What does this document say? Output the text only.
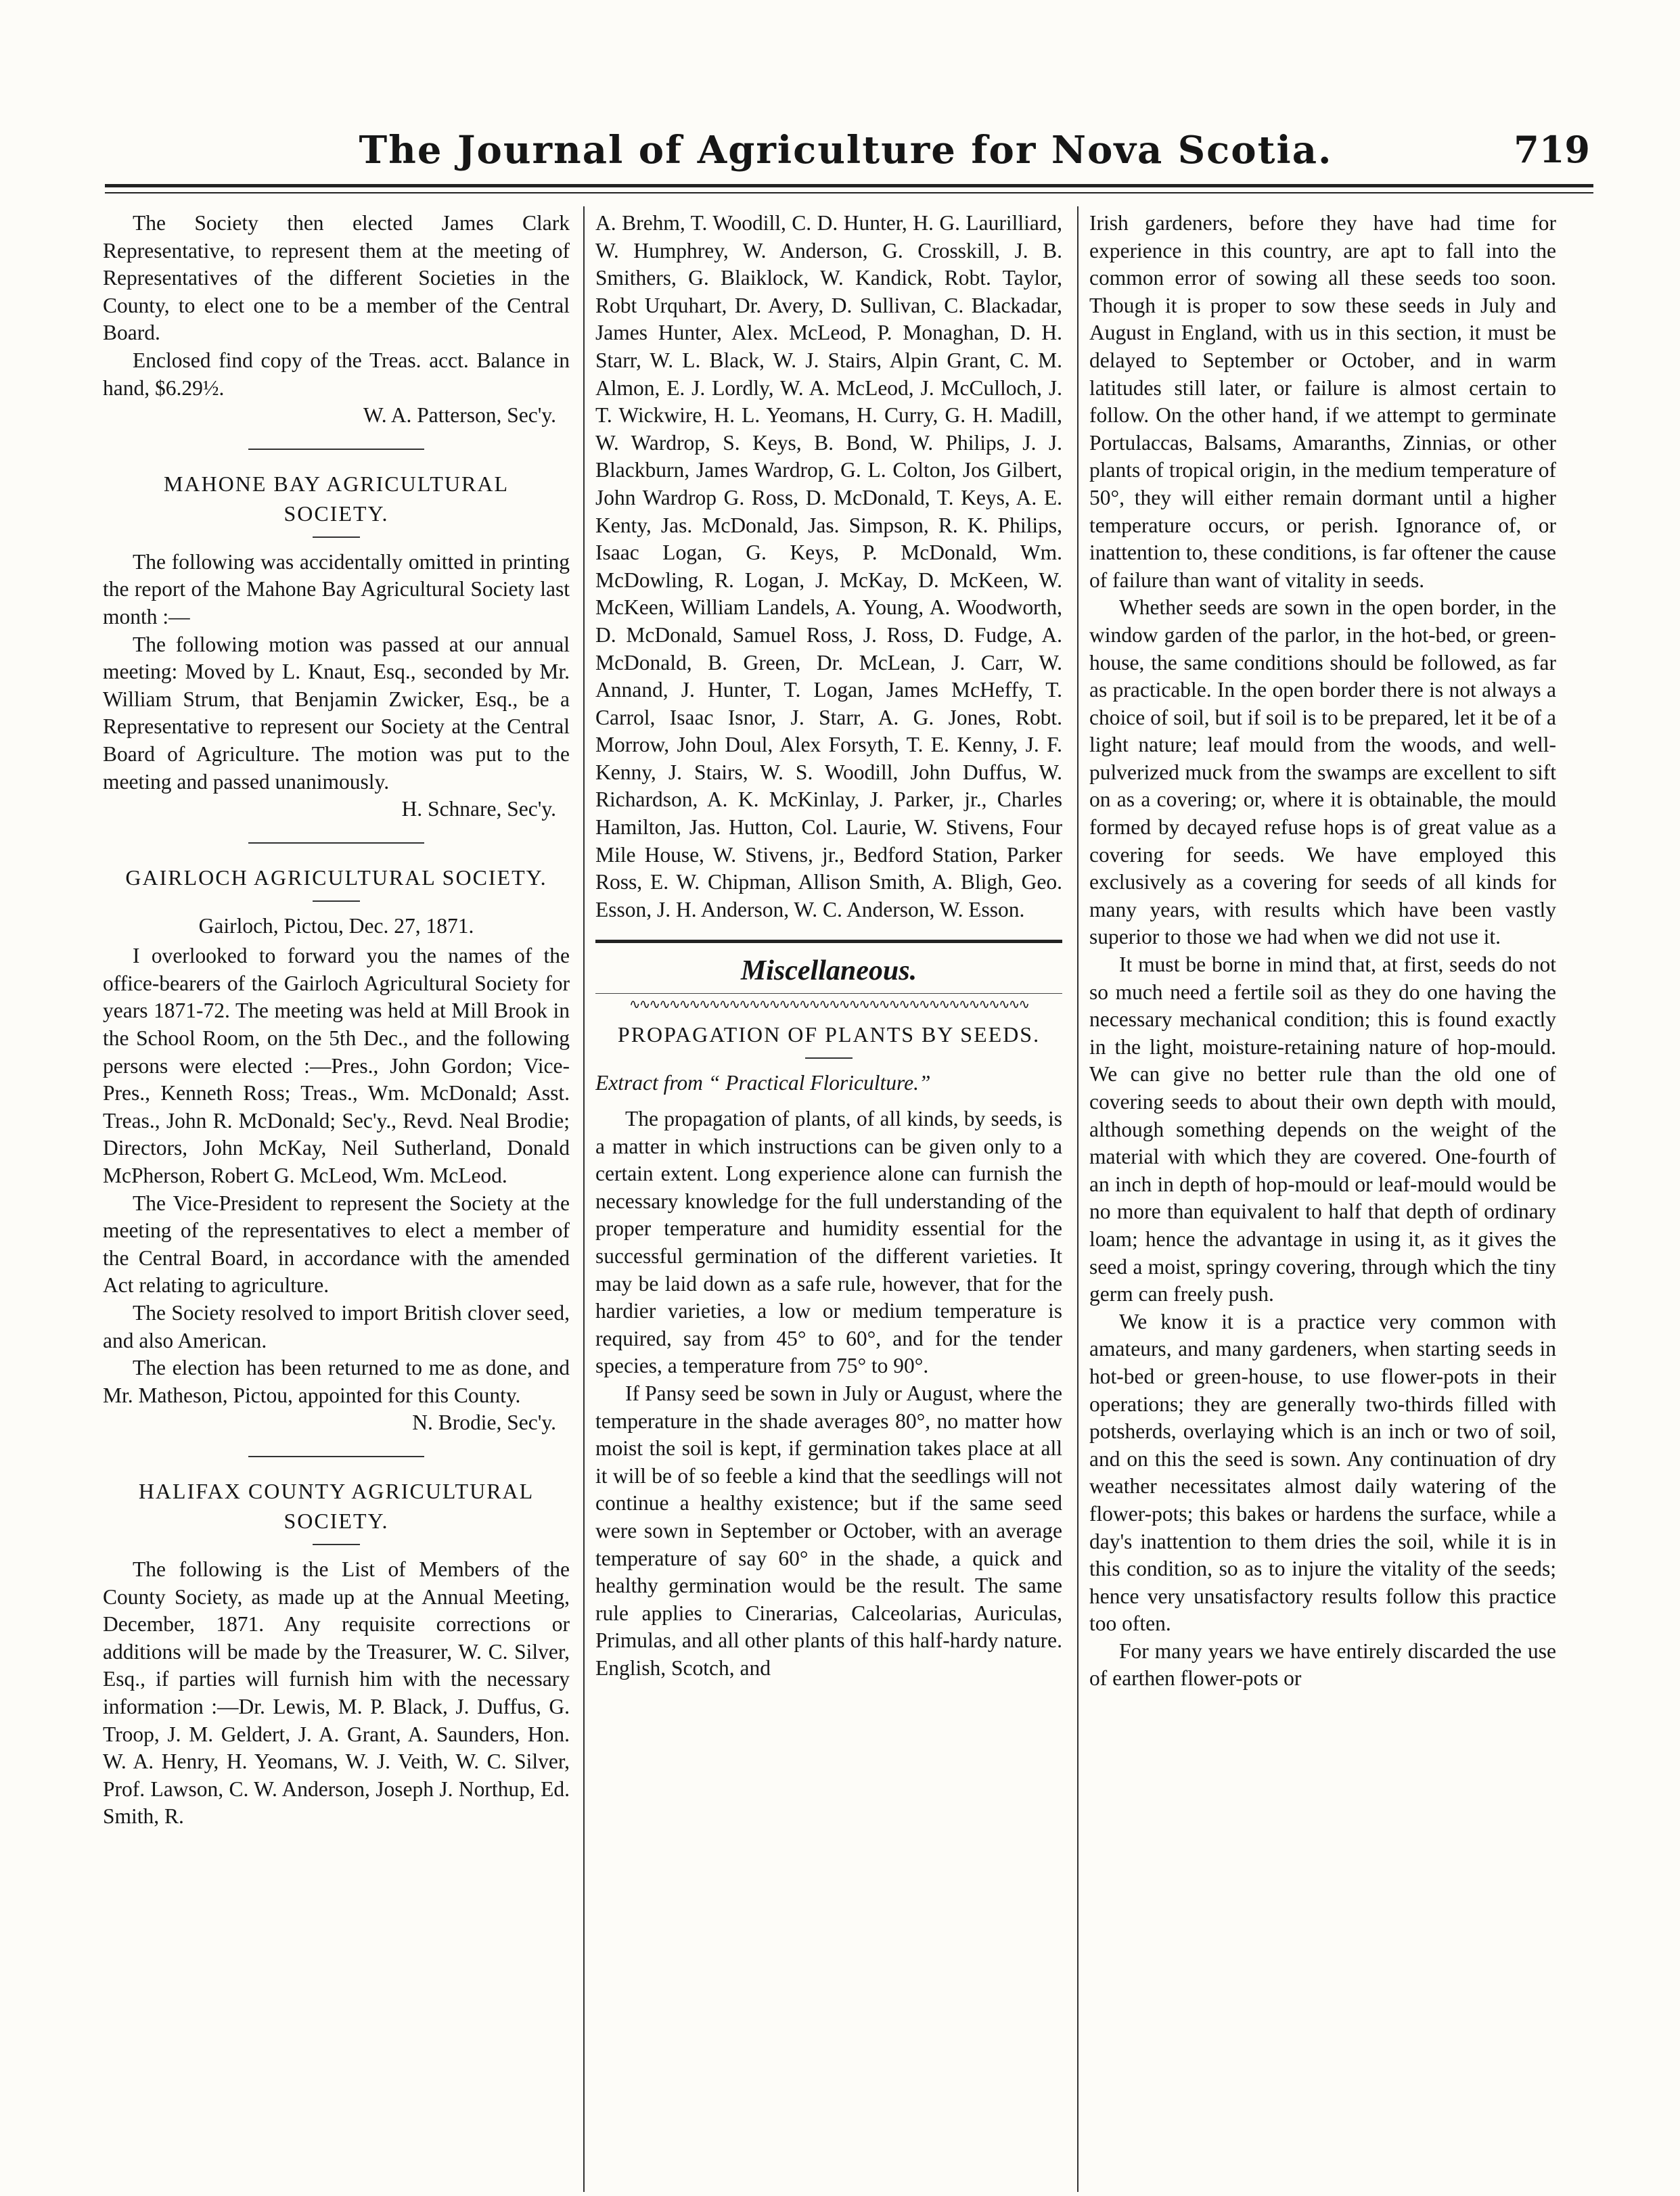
The Journal of Agriculture for Nova Scotia.	719

The Society then elected James Clark Representative, to represent them at the meeting of Representatives of the different Societies in the County, to elect one to be a member of the Central Board.

Enclosed find copy of the Treas. acct. Balance in hand, $6.29½.

W. A. Patterson, Sec'y.

MAHONE BAY AGRICULTURAL SOCIETY.

The following was accidentally omitted in printing the report of the Mahone Bay Agricultural Society last month :—

The following motion was passed at our annual meeting: Moved by L. Knaut, Esq., seconded by Mr. William Strum, that Benjamin Zwicker, Esq., be a Representative to represent our Society at the Central Board of Agriculture. The motion was put to the meeting and passed unanimously.

H. Schnare, Sec'y.

GAIRLOCH AGRICULTURAL SOCIETY.

Gairloch, Pictou, Dec. 27, 1871.

I overlooked to forward you the names of the office-bearers of the Gairloch Agricultural Society for years 1871-72. The meeting was held at Mill Brook in the School Room, on the 5th Dec., and the following persons were elected :—Pres., John Gordon; Vice-Pres., Kenneth Ross; Treas., Wm. McDonald; Asst. Treas., John R. McDonald; Sec'y., Revd. Neal Brodie; Directors, John McKay, Neil Sutherland, Donald McPherson, Robert G. McLeod, Wm. McLeod.

The Vice-President to represent the Society at the meeting of the representatives to elect a member of the Central Board, in accordance with the amended Act relating to agriculture.

The Society resolved to import British clover seed, and also American.

The election has been returned to me as done, and Mr. Matheson, Pictou, appointed for this County.

N. Brodie, Sec'y.

HALIFAX COUNTY AGRICULTURAL SOCIETY.

The following is the List of Members of the County Society, as made up at the Annual Meeting, December, 1871. Any requisite corrections or additions will be made by the Treasurer, W. C. Silver, Esq., if parties will furnish him with the necessary information :—Dr. Lewis, M. P. Black, J. Duffus, G. Troop, J. M. Geldert, J. A. Grant, A. Saunders, Hon. W. A. Henry, H. Yeomans, W. J. Veith, W. C. Silver, Prof. Lawson, C. W. Anderson, Joseph J. Northup, Ed. Smith, R.

A. Brehm, T. Woodill, C. D. Hunter, H. G. Laurilliard, W. Humphrey, W. Anderson, G. Crosskill, J. B. Smithers, G. Blaiklock, W. Kandick, Robt. Taylor, Robt Urquhart, Dr. Avery, D. Sullivan, C. Blackadar, James Hunter, Alex. McLeod, P. Monaghan, D. H. Starr, W. L. Black, W. J. Stairs, Alpin Grant, C. M. Almon, E. J. Lordly, W. A. McLeod, J. McCulloch, J. T. Wickwire, H. L. Yeomans, H. Curry, G. H. Madill, W. Wardrop, S. Keys, B. Bond, W. Philips, J. J. Blackburn, James Wardrop, G. L. Colton, Jos Gilbert, John Wardrop G. Ross, D. McDonald, T. Keys, A. E. Kenty, Jas. McDonald, Jas. Simpson, R. K. Philips, Isaac Logan, G. Keys, P. McDonald, Wm. McDowling, R. Logan, J. McKay, D. McKeen, W. McKeen, William Landels, A. Young, A. Woodworth, D. McDonald, Samuel Ross, J. Ross, D. Fudge, A. McDonald, B. Green, Dr. McLean, J. Carr, W. Annand, J. Hunter, T. Logan, James McHeffy, T. Carrol, Isaac Isnor, J. Starr, A. G. Jones, Robt. Morrow, John Doul, Alex Forsyth, T. E. Kenny, J. F. Kenny, J. Stairs, W. S. Woodill, John Duffus, W. Richardson, A. K. McKinlay, J. Parker, jr., Charles Hamilton, Jas. Hutton, Col. Laurie, W. Stivens, Four Mile House, W. Stivens, jr., Bedford Station, Parker Ross, E. W. Chipman, Allison Smith, A. Bligh, Geo. Esson, J. H. Anderson, W. C. Anderson, W. Esson.

Miscellaneous.
∿∿∿∿∿∿∿∿∿∿∿∿∿∿∿∿∿∿∿∿∿∿∿∿∿∿∿∿∿∿∿∿∿∿∿∿∿∿∿∿
PROPAGATION OF PLANTS BY SEEDS.

Extract from “ Practical Floriculture.”

The propagation of plants, of all kinds, by seeds, is a matter in which instructions can be given only to a certain extent. Long experience alone can furnish the necessary knowledge for the full understanding of the proper temperature and humidity essential for the successful germination of the different varieties. It may be laid down as a safe rule, however, that for the hardier varieties, a low or medium temperature is required, say from 45° to 60°, and for the tender species, a temperature from 75° to 90°.

If Pansy seed be sown in July or August, where the temperature in the shade averages 80°, no matter how moist the soil is kept, if germination takes place at all it will be of so feeble a kind that the seedlings will not continue a healthy existence; but if the same seed were sown in September or October, with an average temperature of say 60° in the shade, a quick and healthy germination would be the result. The same rule applies to Cinerarias, Calceolarias, Auriculas, Primulas, and all other plants of this half-hardy nature. English, Scotch, and

Irish gardeners, before they have had time for experience in this country, are apt to fall into the common error of sowing all these seeds too soon. Though it is proper to sow these seeds in July and August in England, with us in this section, it must be delayed to September or October, and in warm latitudes still later, or failure is almost certain to follow. On the other hand, if we attempt to germinate Portulaccas, Balsams, Amaranths, Zinnias, or other plants of tropical origin, in the medium temperature of 50°, they will either remain dormant until a higher temperature occurs, or perish. Ignorance of, or inattention to, these conditions, is far oftener the cause of failure than want of vitality in seeds.

Whether seeds are sown in the open border, in the window garden of the parlor, in the hot-bed, or green-house, the same conditions should be followed, as far as practicable. In the open border there is not always a choice of soil, but if soil is to be prepared, let it be of a light nature; leaf mould from the woods, and well-pulverized muck from the swamps are excellent to sift on as a covering; or, where it is obtainable, the mould formed by decayed refuse hops is of great value as a covering for seeds. We have employed this exclusively as a covering for seeds of all kinds for many years, with results which have been vastly superior to those we had when we did not use it.

It must be borne in mind that, at first, seeds do not so much need a fertile soil as they do one having the necessary mechanical condition; this is found exactly in the light, moisture-retaining nature of hop-mould. We can give no better rule than the old one of covering seeds to about their own depth with mould, although something depends on the weight of the material with which they are covered. One-fourth of an inch in depth of hop-mould or leaf-mould would be no more than equivalent to half that depth of ordinary loam; hence the advantage in using it, as it gives the seed a moist, springy covering, through which the tiny germ can freely push.

We know it is a practice very common with amateurs, and many gardeners, when starting seeds in hot-bed or green-house, to use flower-pots in their operations; they are generally two-thirds filled with potsherds, overlaying which is an inch or two of soil, and on this the seed is sown. Any continuation of dry weather necessitates almost daily watering of the flower-pots; this bakes or hardens the surface, while a day's inattention to them dries the soil, while it is in this condition, so as to injure the vitality of the seeds; hence very unsatisfactory results follow this practice too often.

For many years we have entirely discarded the use of earthen flower-pots or
